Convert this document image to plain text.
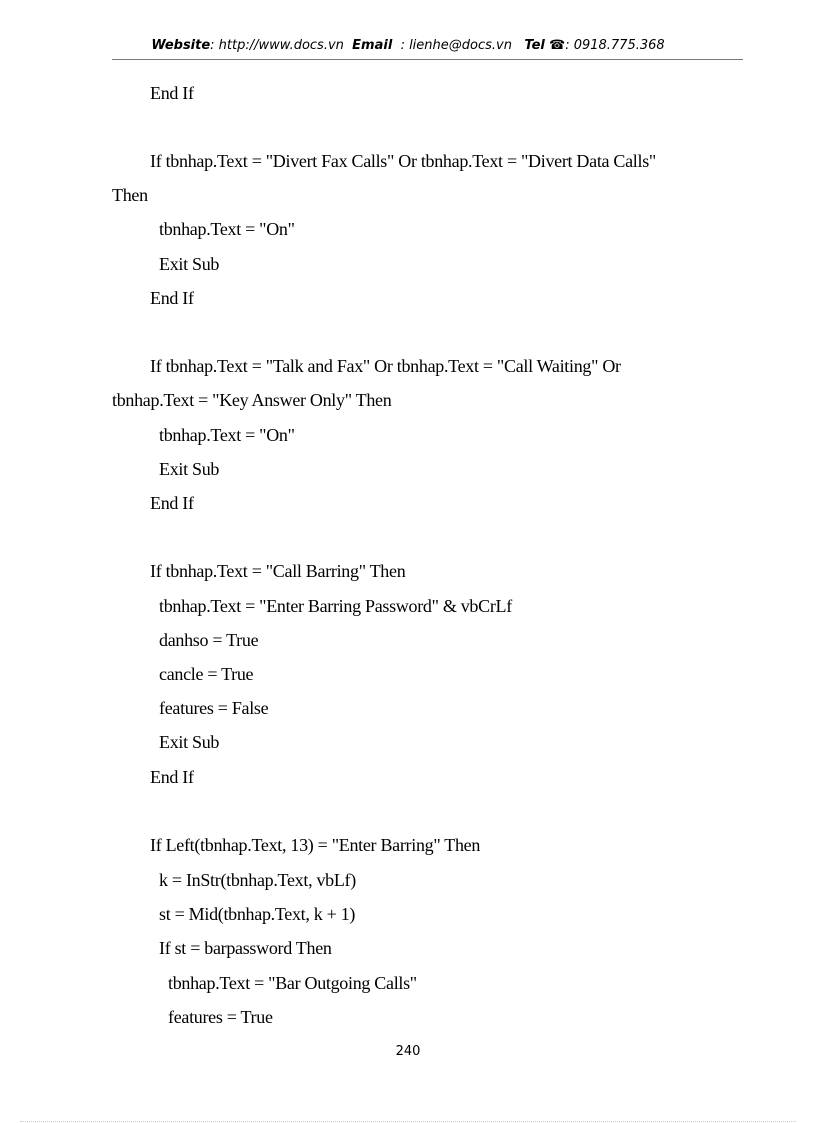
Website: http://www.docs.vn Email : lienhe@docs.vn Tel ☎: 0918.775.368
End If
If tbnhap.Text = "Divert Fax Calls" Or tbnhap.Text = "Divert Data Calls"
Then
tbnhap.Text = "On"
Exit Sub
End If
If tbnhap.Text = "Talk and Fax" Or tbnhap.Text = "Call Waiting" Or
tbnhap.Text = "Key Answer Only" Then
tbnhap.Text = "On"
Exit Sub
End If
If tbnhap.Text = "Call Barring" Then
tbnhap.Text = "Enter Barring Password" & vbCrLf
danhso = True
cancle = True
features = False
Exit Sub
End If
If Left(tbnhap.Text, 13) = "Enter Barring" Then
k = InStr(tbnhap.Text, vbLf)
st = Mid(tbnhap.Text, k + 1)
If st = barpassword Then
tbnhap.Text = "Bar Outgoing Calls"
features = True
240
